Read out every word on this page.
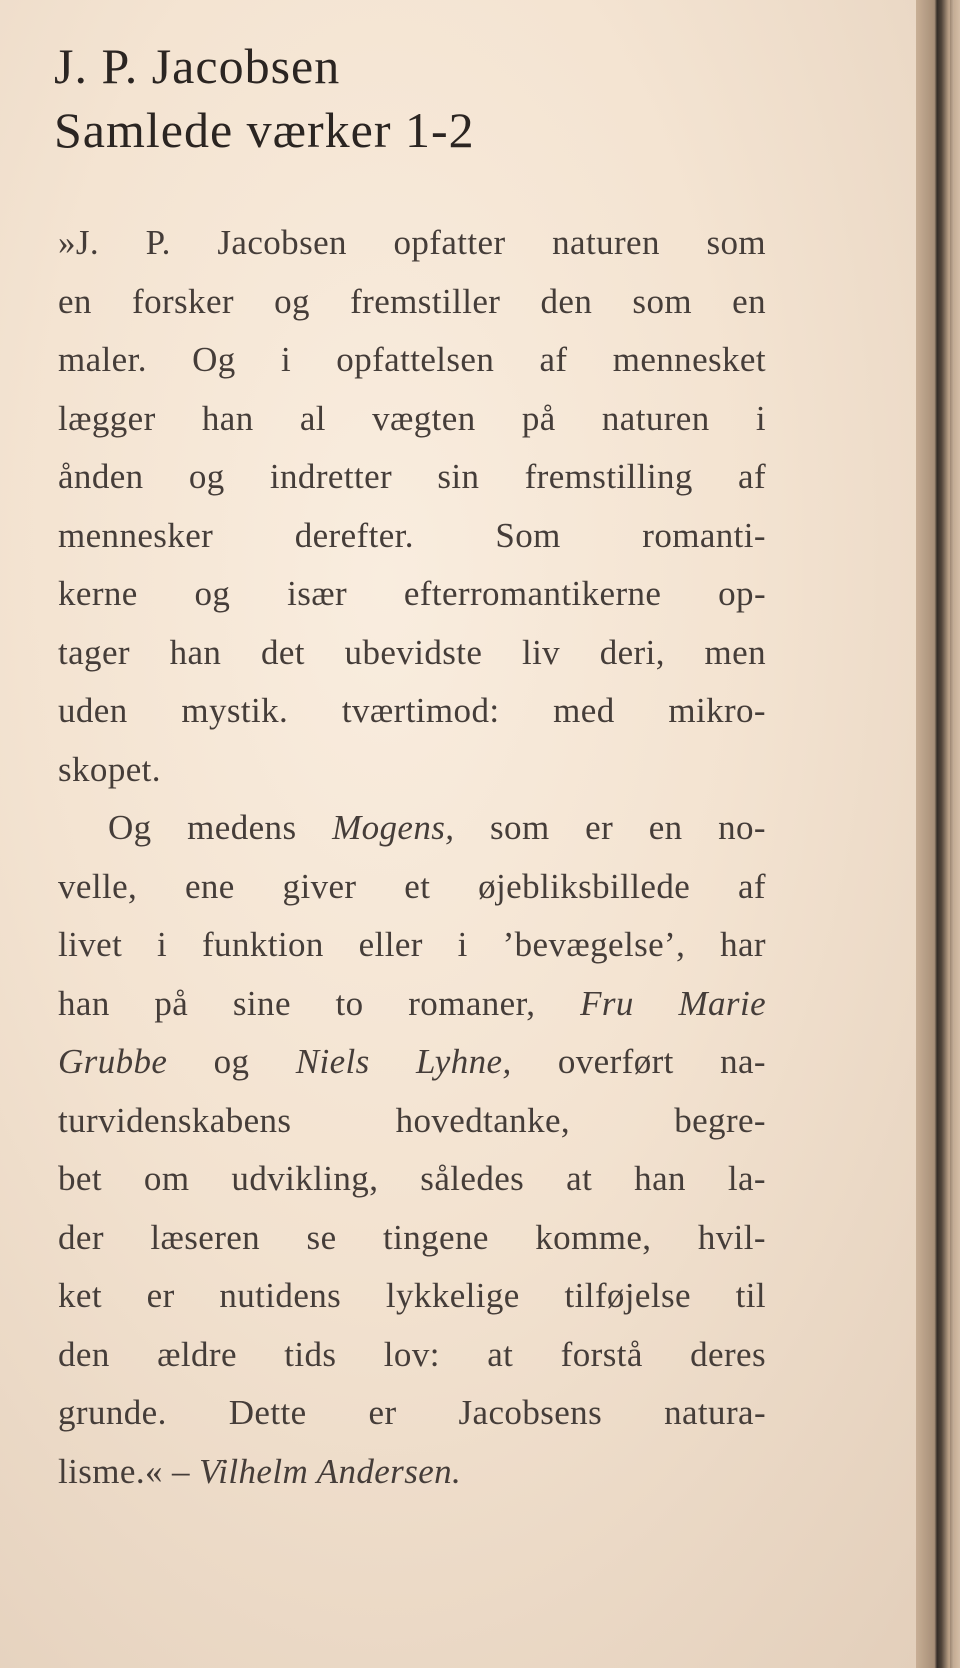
J. P. Jacobsen
Samlede værker 1-2
»J. P. Jacobsen opfatter naturen som
en forsker og fremstiller den som en
maler. Og i opfattelsen af mennesket
lægger han al vægten på naturen i
ånden og indretter sin fremstilling af
mennesker derefter. Som romanti-
kerne og især efterromantikerne op-
tager han det ubevidste liv deri, men
uden mystik. tværtimod: med mikro-
skopet.
Og medens Mogens, som er en no-
velle, ene giver et øjebliksbillede af
livet i funktion eller i ’bevægelse’, har
han på sine to romaner, Fru Marie
Grubbe og Niels Lyhne, overført na-
turvidenskabens hovedtanke, begre-
bet om udvikling, således at han la-
der læseren se tingene komme, hvil-
ket er nutidens lykkelige tilføjelse til
den ældre tids lov: at forstå deres
grunde. Dette er Jacobsens natura-
lisme.« – Vilhelm Andersen.
